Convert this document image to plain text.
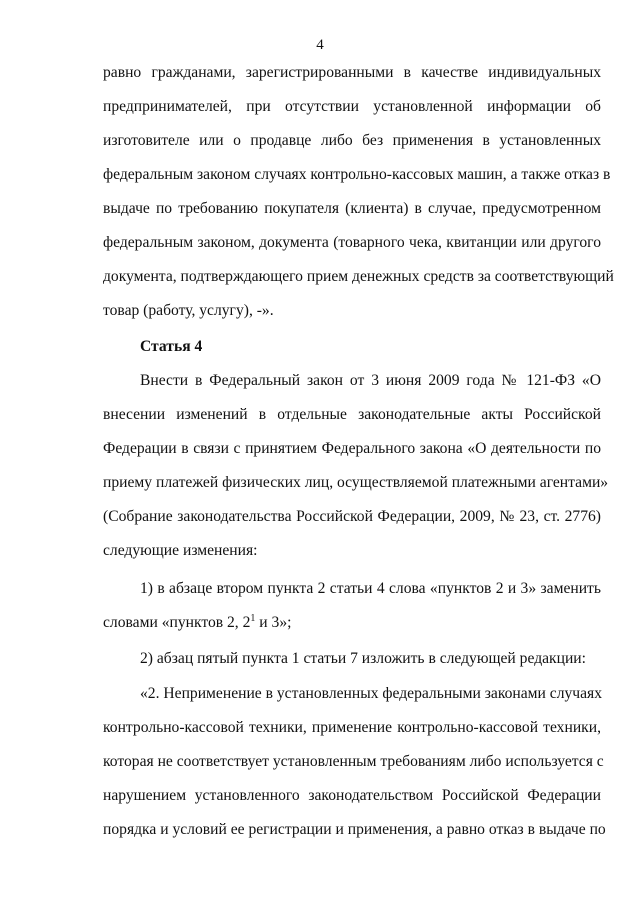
4
равно гражданами, зарегистрированными в качестве индивидуальных
предпринимателей, при отсутствии установленной информации об
изготовителе или о продавце либо без применения в установленных
федеральным законом случаях контрольно-кассовых машин, а также отказ в
выдаче по требованию покупателя (клиента) в случае, предусмотренном
федеральным законом, документа (товарного чека, квитанции или другого
документа, подтверждающего прием денежных средств за соответствующий
товар (работу, услугу), -».
Статья 4
Внести в Федеральный закон от 3 июня 2009 года № 121-ФЗ «О
внесении изменений в отдельные законодательные акты Российской
Федерации в связи с принятием Федерального закона «О деятельности по
приему платежей физических лиц, осуществляемой платежными агентами»
(Собрание законодательства Российской Федерации, 2009, № 23, ст. 2776)
следующие изменения:
1) в абзаце втором пункта 2 статьи 4 слова «пунктов 2 и 3» заменить
словами «пунктов 2, $2^1$ и 3»;
2) абзац пятый пункта 1 статьи 7 изложить в следующей редакции:
«2. Неприменение в установленных федеральными законами случаях
контрольно-кассовой техники, применение контрольно-кассовой техники,
которая не соответствует установленным требованиям либо используется с
нарушением установленного законодательством Российской Федерации
порядка и условий ее регистрации и применения, а равно отказ в выдаче по
